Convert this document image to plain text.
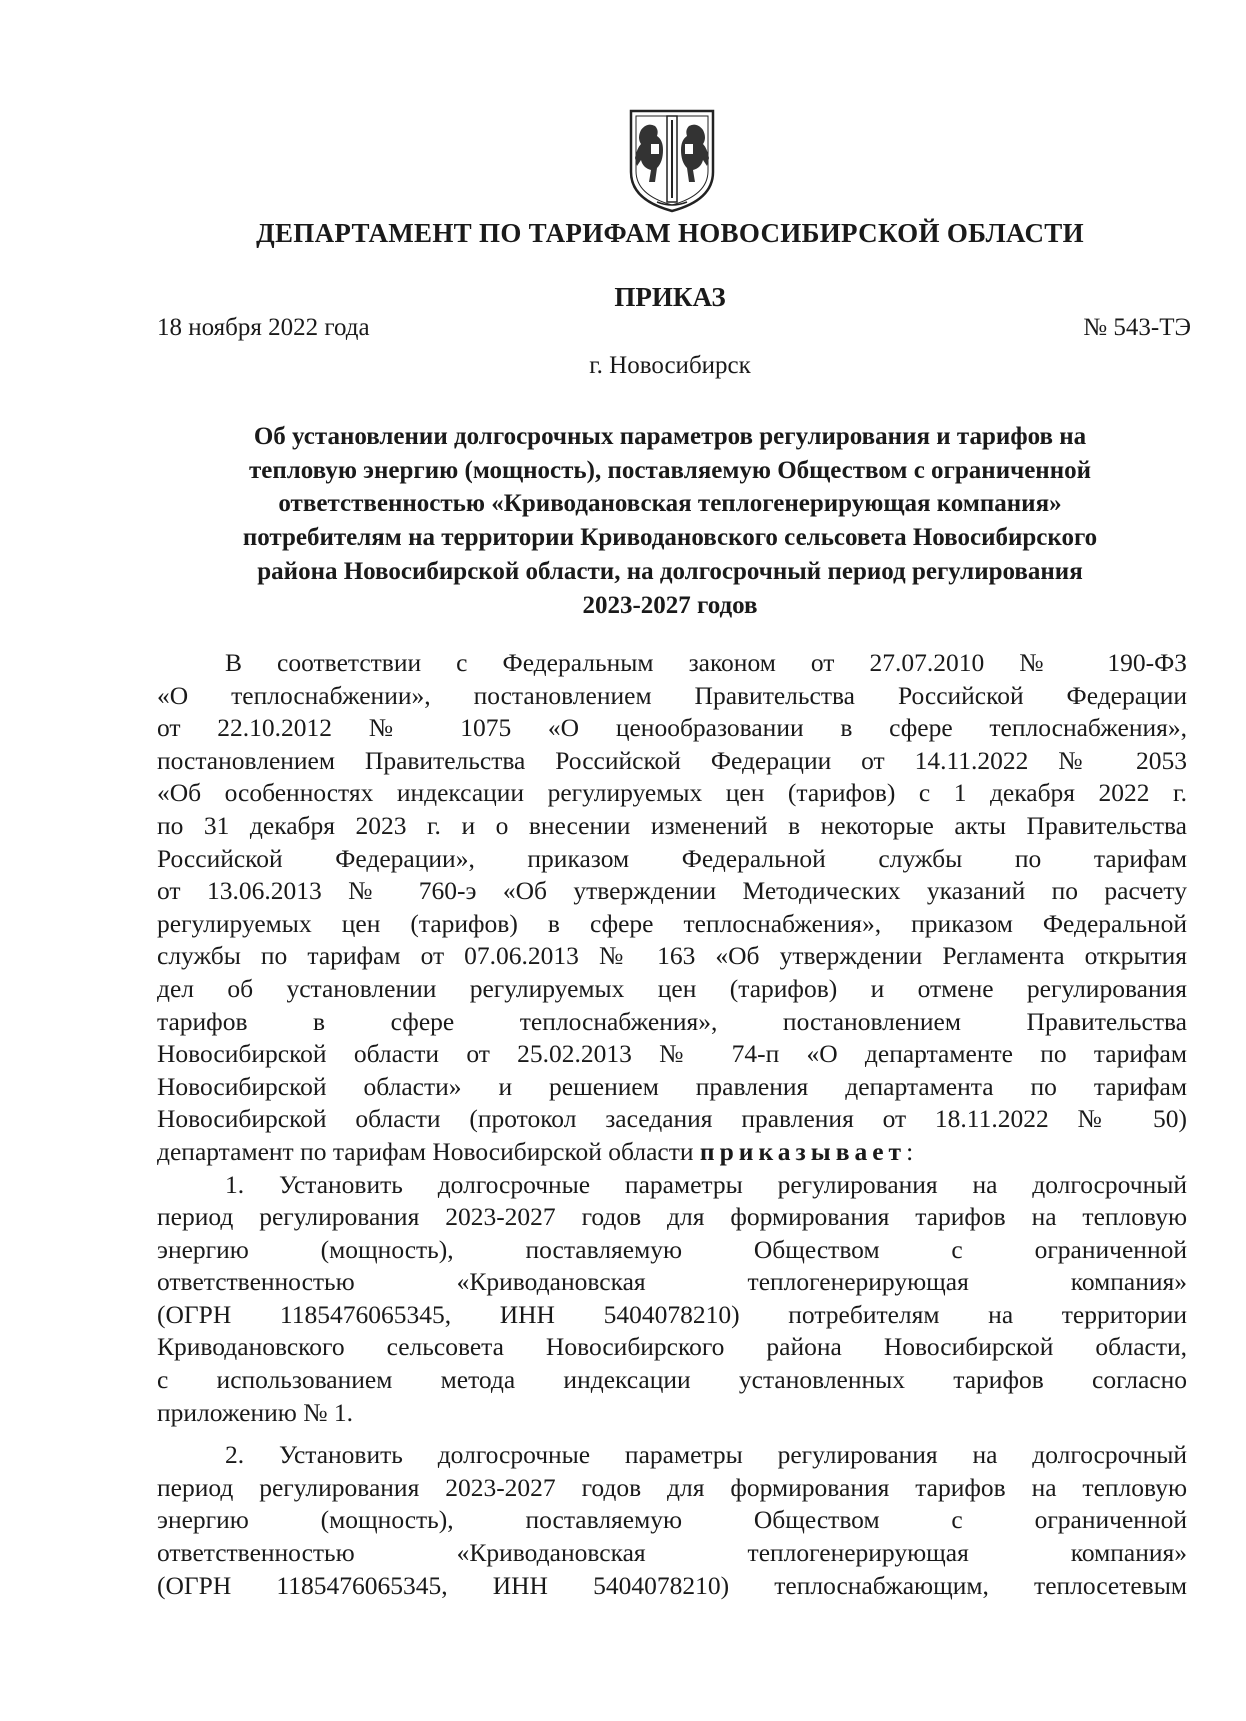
ДЕПАРТАМЕНТ ПО ТАРИФАМ НОВОСИБИРСКОЙ ОБЛАСТИ
ПРИКАЗ
18 ноября 2022 года	№ 543-ТЭ
г. Новосибирск
Об установлении долгосрочных параметров регулирования и тарифов на
тепловую энергию (мощность), поставляемую Обществом с ограниченной
ответственностью «Криводановская теплогенерирующая компания»
потребителям на территории Криводановского сельсовета Новосибирского
района Новосибирской области, на долгосрочный период регулирования
2023-2027 годов
В соответствии с Федеральным законом от 27.07.2010 № 190-ФЗ
«О теплоснабжении», постановлением Правительства Российской Федерации
от 22.10.2012 № 1075 «О ценообразовании в сфере теплоснабжения»,
постановлением Правительства Российской Федерации от 14.11.2022 № 2053
«Об особенностях индексации регулируемых цен (тарифов) с 1 декабря 2022 г.
по 31 декабря 2023 г. и о внесении изменений в некоторые акты Правительства
Российской Федерации», приказом Федеральной службы по тарифам
от 13.06.2013 № 760-э «Об утверждении Методических указаний по расчету
регулируемых цен (тарифов) в сфере теплоснабжения», приказом Федеральной
службы по тарифам от 07.06.2013 № 163 «Об утверждении Регламента открытия
дел об установлении регулируемых цен (тарифов) и отмене регулирования
тарифов в сфере теплоснабжения», постановлением Правительства
Новосибирской области от 25.02.2013 № 74-п «О департаменте по тарифам
Новосибирской области» и решением правления департамента по тарифам
Новосибирской области (протокол заседания правления от 18.11.2022 № 50)
департамент по тарифам Новосибирской области приказывает:
1. Установить долгосрочные параметры регулирования на долгосрочный
период регулирования 2023-2027 годов для формирования тарифов на тепловую
энергию (мощность), поставляемую Обществом с ограниченной
ответственностью «Криводановская теплогенерирующая компания»
(ОГРН 1185476065345, ИНН 5404078210) потребителям на территории
Криводановского сельсовета Новосибирского района Новосибирской области,
с использованием метода индексации установленных тарифов согласно
приложению № 1.
2. Установить долгосрочные параметры регулирования на долгосрочный
период регулирования 2023-2027 годов для формирования тарифов на тепловую
энергию (мощность), поставляемую Обществом с ограниченной
ответственностью «Криводановская теплогенерирующая компания»
(ОГРН 1185476065345, ИНН 5404078210) теплоснабжающим, теплосетевым
